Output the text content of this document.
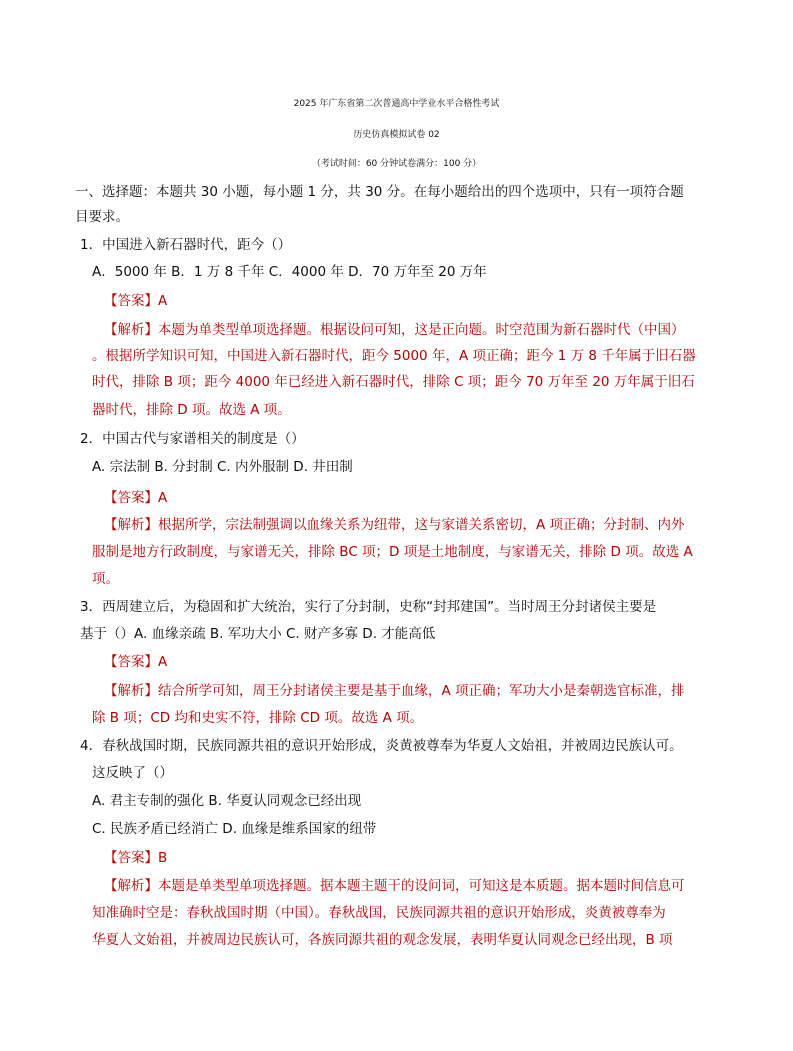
2025 年广东省第二次普通高中学业水平合格性考试
历史仿真模拟试卷 02
（考试时间：60 分钟试卷满分：100 分）
一、选择题：本题共 30 小题，每小题 1 分，共 30 分。在每小题给出的四个选项中，只有一项符合题
目要求。
1．中国进入新石器时代，距今（）
A．5000 年 B．1 万 8 千年 C．4000 年 D．70 万年至 20 万年
【答案】A
【解析】本题为单类型单项选择题。根据设问可知，这是正向题。时空范围为新石器时代（中国）
。根据所学知识可知，中国进入新石器时代，距今 5000 年，A 项正确；距今 1 万 8 千年属于旧石器
时代，排除 B 项；距今 4000 年已经进入新石器时代，排除 C 项；距今 70 万年至 20 万年属于旧石
器时代，排除 D 项。故选 A 项。
2．中国古代与家谱相关的制度是（）
A. 宗法制 B. 分封制 C. 内外服制 D. 井田制
【答案】A
【解析】根据所学，宗法制强调以血缘关系为纽带，这与家谱关系密切，A 项正确；分封制、内外
服制是地方行政制度，与家谱无关，排除 BC 项；D 项是土地制度，与家谱无关，排除 D 项。故选 A
项。
3．西周建立后，为稳固和扩大统治，实行了分封制，史称“封邦建国”。当时周王分封诸侯主要是
基于（）A. 血缘亲疏 B. 军功大小 C. 财产多寡 D. 才能高低
【答案】A
【解析】结合所学可知，周王分封诸侯主要是基于血缘，A 项正确；军功大小是秦朝选官标准，排
除 B 项；CD 均和史实不符，排除 CD 项。故选 A 项。
4．春秋战国时期，民族同源共祖的意识开始形成，炎黄被尊奉为华夏人文始祖，并被周边民族认可。
这反映了（）
A. 君主专制的强化 B. 华夏认同观念已经出现
C. 民族矛盾已经消亡 D. 血缘是维系国家的纽带
【答案】B
【解析】本题是单类型单项选择题。据本题主题干的设问词，可知这是本质题。据本题时间信息可
知准确时空是：春秋战国时期（中国）。春秋战国，民族同源共祖的意识开始形成，炎黄被尊奉为
华夏人文始祖，并被周边民族认可，各族同源共祖的观念发展，表明华夏认同观念已经出现，B 项
